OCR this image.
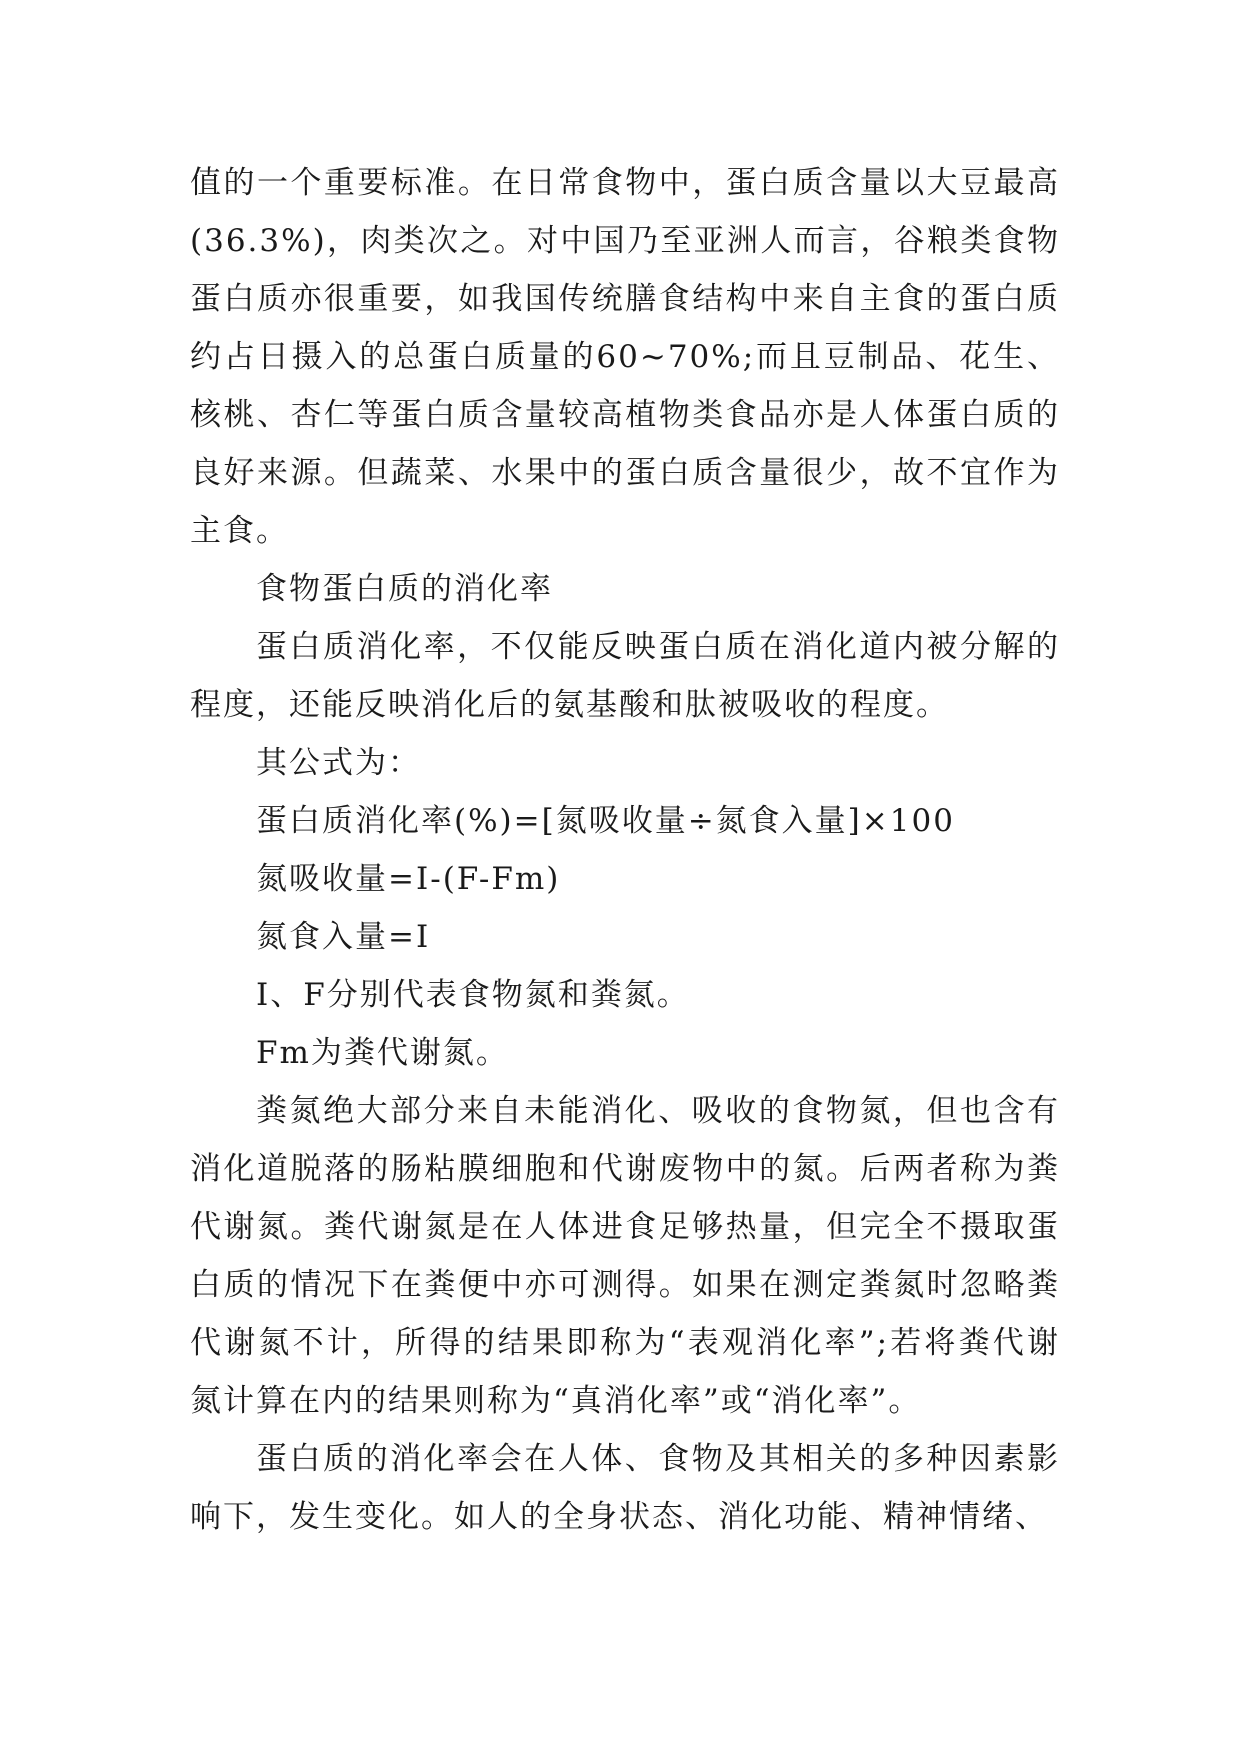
值的一个重要标准。在日常食物中，蛋白质含量以大豆最高(36.3%)，肉类次之。对中国乃至亚洲人而言，谷粮类食物蛋白质亦很重要，如我国传统膳食结构中来自主食的蛋白质约占日摄入的总蛋白质量的60~70%;而且豆制品、花生、核桃、杏仁等蛋白质含量较高植物类食品亦是人体蛋白质的良好来源。但蔬菜、水果中的蛋白质含量很少，故不宜作为主食。

食物蛋白质的消化率

蛋白质消化率，不仅能反映蛋白质在消化道内被分解的程度，还能反映消化后的氨基酸和肽被吸收的程度。

其公式为：

蛋白质消化率(%)=[氮吸收量÷氮食入量]×100

氮吸收量=I-(F-Fm)

氮食入量=I

I、F分别代表食物氮和粪氮。

Fm为粪代谢氮。

粪氮绝大部分来自未能消化、吸收的食物氮，但也含有消化道脱落的肠粘膜细胞和代谢废物中的氮。后两者称为粪代谢氮。粪代谢氮是在人体进食足够热量，但完全不摄取蛋白质的情况下在粪便中亦可测得。如果在测定粪氮时忽略粪代谢氮不计，所得的结果即称为“表观消化率”;若将粪代谢氮计算在内的结果则称为“真消化率”或“消化率”。

蛋白质的消化率会在人体、食物及其相关的多种因素影响下，发生变化。如人的全身状态、消化功能、精神情绪、
